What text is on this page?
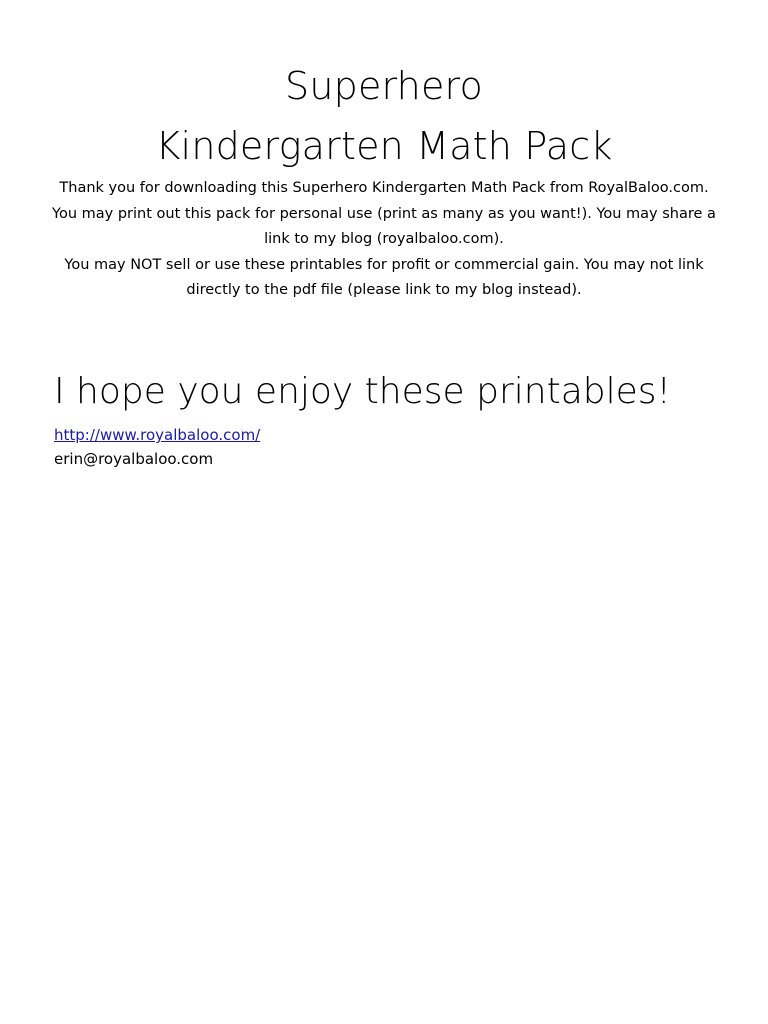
Superhero
Kindergarten Math Pack

Thank you for downloading this Superhero Kindergarten Math Pack from RoyalBaloo.com. You may print out this pack for personal use (print as many as you want!). You may share a link to my blog (royalbaloo.com).

You may NOT sell or use these printables for profit or commercial gain. You may not link directly to the pdf file (please link to my blog instead).

I hope you enjoy these printables!
http://www.royalbaloo.com/
erin@royalbaloo.com
